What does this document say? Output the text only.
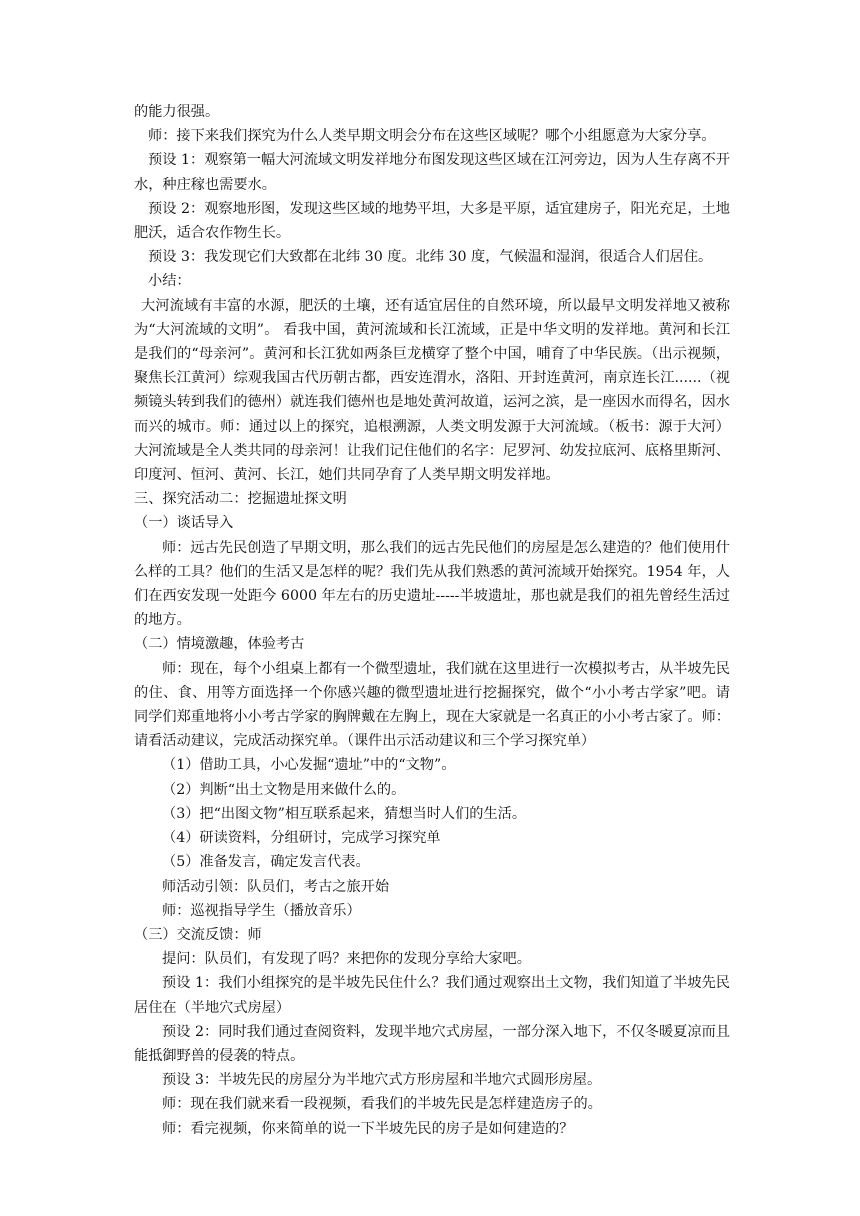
的能力很强。

师：接下来我们探究为什么人类早期文明会分布在这些区域呢？哪个小组愿意为大家分享。

预设 1：观察第一幅大河流域文明发祥地分布图发现这些区域在江河旁边，因为人生存离不开水，种庄稼也需要水。

预设 2：观察地形图，发现这些区域的地势平坦，大多是平原，适宜建房子，阳光充足，土地肥沃，适合农作物生长。

预设 3：我发现它们大致都在北纬 30 度。北纬 30 度，气候温和湿润，很适合人们居住。

小结：

大河流域有丰富的水源，肥沃的土壤，还有适宜居住的自然环境，所以最早文明发祥地又被称为“大河流域的文明”。 看我中国，黄河流域和长江流域，正是中华文明的发祥地。黄河和长江是我们的“母亲河”。黄河和长江犹如两条巨龙横穿了整个中国，哺育了中华民族。（出示视频，聚焦长江黄河）综观我国古代历朝古都，西安连渭水，洛阳、开封连黄河，南京连长江......（视频镜头转到我们的德州）就连我们德州也是地处黄河故道，运河之滨，是一座因水而得名，因水而兴的城市。师：通过以上的探究，追根溯源，人类文明发源于大河流域。（板书：源于大河）大河流域是全人类共同的母亲河！让我们记住他们的名字：尼罗河、幼发拉底河、底格里斯河、印度河、恒河、黄河、长江，她们共同孕育了人类早期文明发祥地。

三、探究活动二：挖掘遗址探文明

（一）谈话导入

师：远古先民创造了早期文明，那么我们的远古先民他们的房屋是怎么建造的？他们使用什么样的工具？他们的生活又是怎样的呢？我们先从我们熟悉的黄河流域开始探究。1954 年，人们在西安发现一处距今 6000 年左右的历史遗址-----半坡遗址，那也就是我们的祖先曾经生活过的地方。

（二）情境激趣，体验考古

师：现在，每个小组桌上都有一个微型遗址，我们就在这里进行一次模拟考古，从半坡先民的住、食、用等方面选择一个你感兴趣的微型遗址进行挖掘探究，做个“小小考古学家”吧。请同学们郑重地将小小考古学家的胸牌戴在左胸上，现在大家就是一名真正的小小考古家了。师：请看活动建议，完成活动探究单。（课件出示活动建议和三个学习探究单）

（1）借助工具，小心发掘“遗址”中的“文物”。

（2）判断“出土文物是用来做什么的。

（3）把“出图文物”相互联系起来，猜想当时人们的生活。

（4）研读资料，分组研讨，完成学习探究单

（5）准备发言，确定发言代表。

师活动引领：队员们，考古之旅开始

师：巡视指导学生（播放音乐）

（三）交流反馈：师

提问：队员们，有发现了吗？来把你的发现分享给大家吧。

预设 1：我们小组探究的是半坡先民住什么？我们通过观察出土文物，我们知道了半坡先民居住在（半地穴式房屋）

预设 2：同时我们通过查阅资料，发现半地穴式房屋，一部分深入地下，不仅冬暖夏凉而且能抵御野兽的侵袭的特点。

预设 3：半坡先民的房屋分为半地穴式方形房屋和半地穴式圆形房屋。

师：现在我们就来看一段视频，看我们的半坡先民是怎样建造房子的。

师：看完视频，你来简单的说一下半坡先民的房子是如何建造的？
